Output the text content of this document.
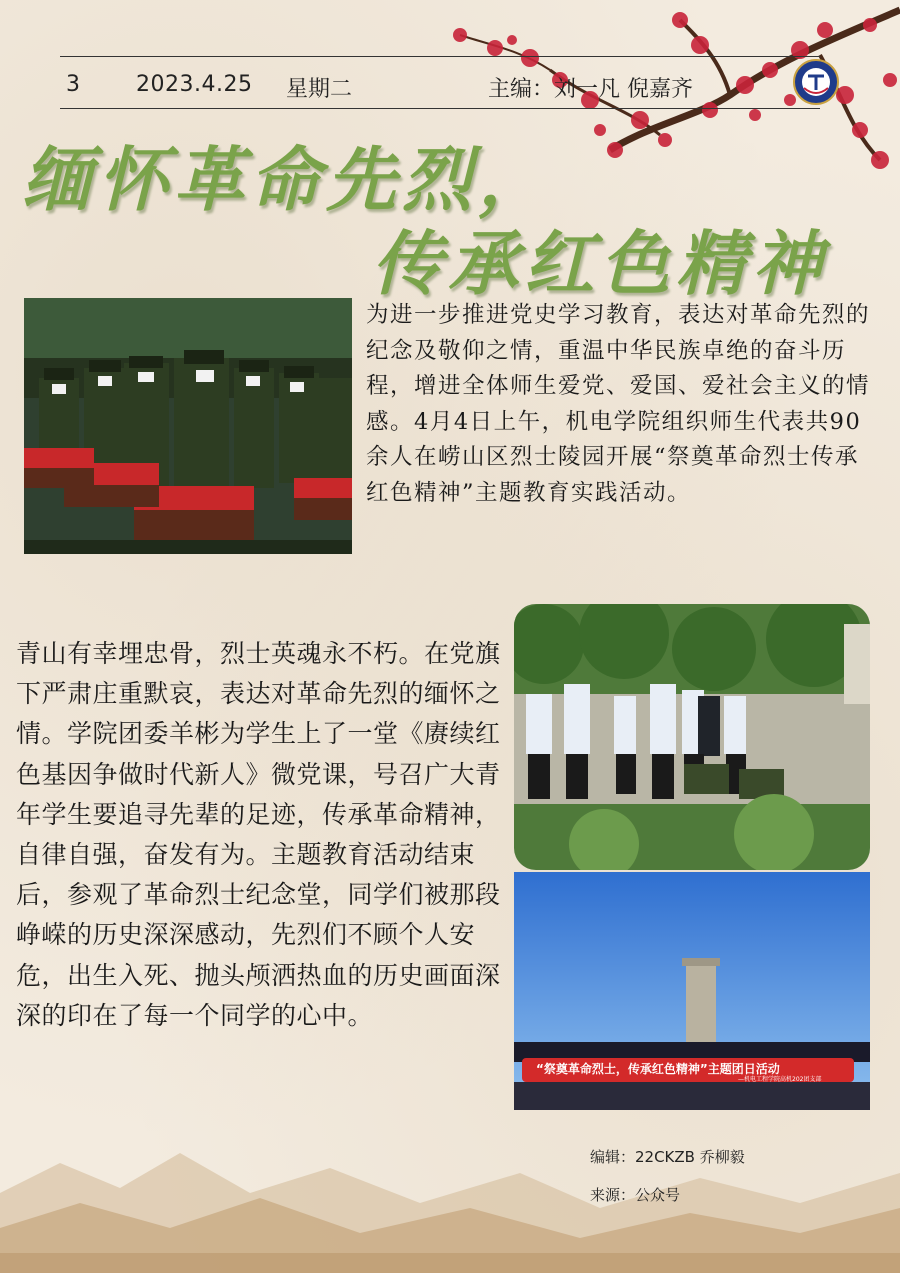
3	2023.4.25 星期二	主编：刘一凡 倪嘉齐
缅怀革命先烈，
传承红色精神
为进一步推进党史学习教育，表达对革命先烈的纪念及敬仰之情，重温中华民族卓绝的奋斗历程，增进全体师生爱党、爱国、爱社会主义的情感。4月4日上午，机电学院组织师生代表共90余人在崂山区烈士陵园开展“祭奠革命烈士传承红色精神”主题教育实践活动。
青山有幸埋忠骨，烈士英魂永不朽。在党旗下严肃庄重默哀，表达对革命先烈的缅怀之情。学院团委羊彬为学生上了一堂《赓续红色基因争做时代新人》微党课，号召广大青年学生要追寻先辈的足迹，传承革命精神，自律自强，奋发有为。主题教育活动结束后，参观了革命烈士纪念堂，同学们被那段峥嵘的历史深深感动，先烈们不顾个人安危，出生入死、抛头颅洒热血的历史画面深深的印在了每一个同学的心中。
“祭奠革命烈士，传承红色精神”主题团日活动
—机电工程学院高机202团支部
编辑：22CKZB 乔柳毅
来源：公众号
